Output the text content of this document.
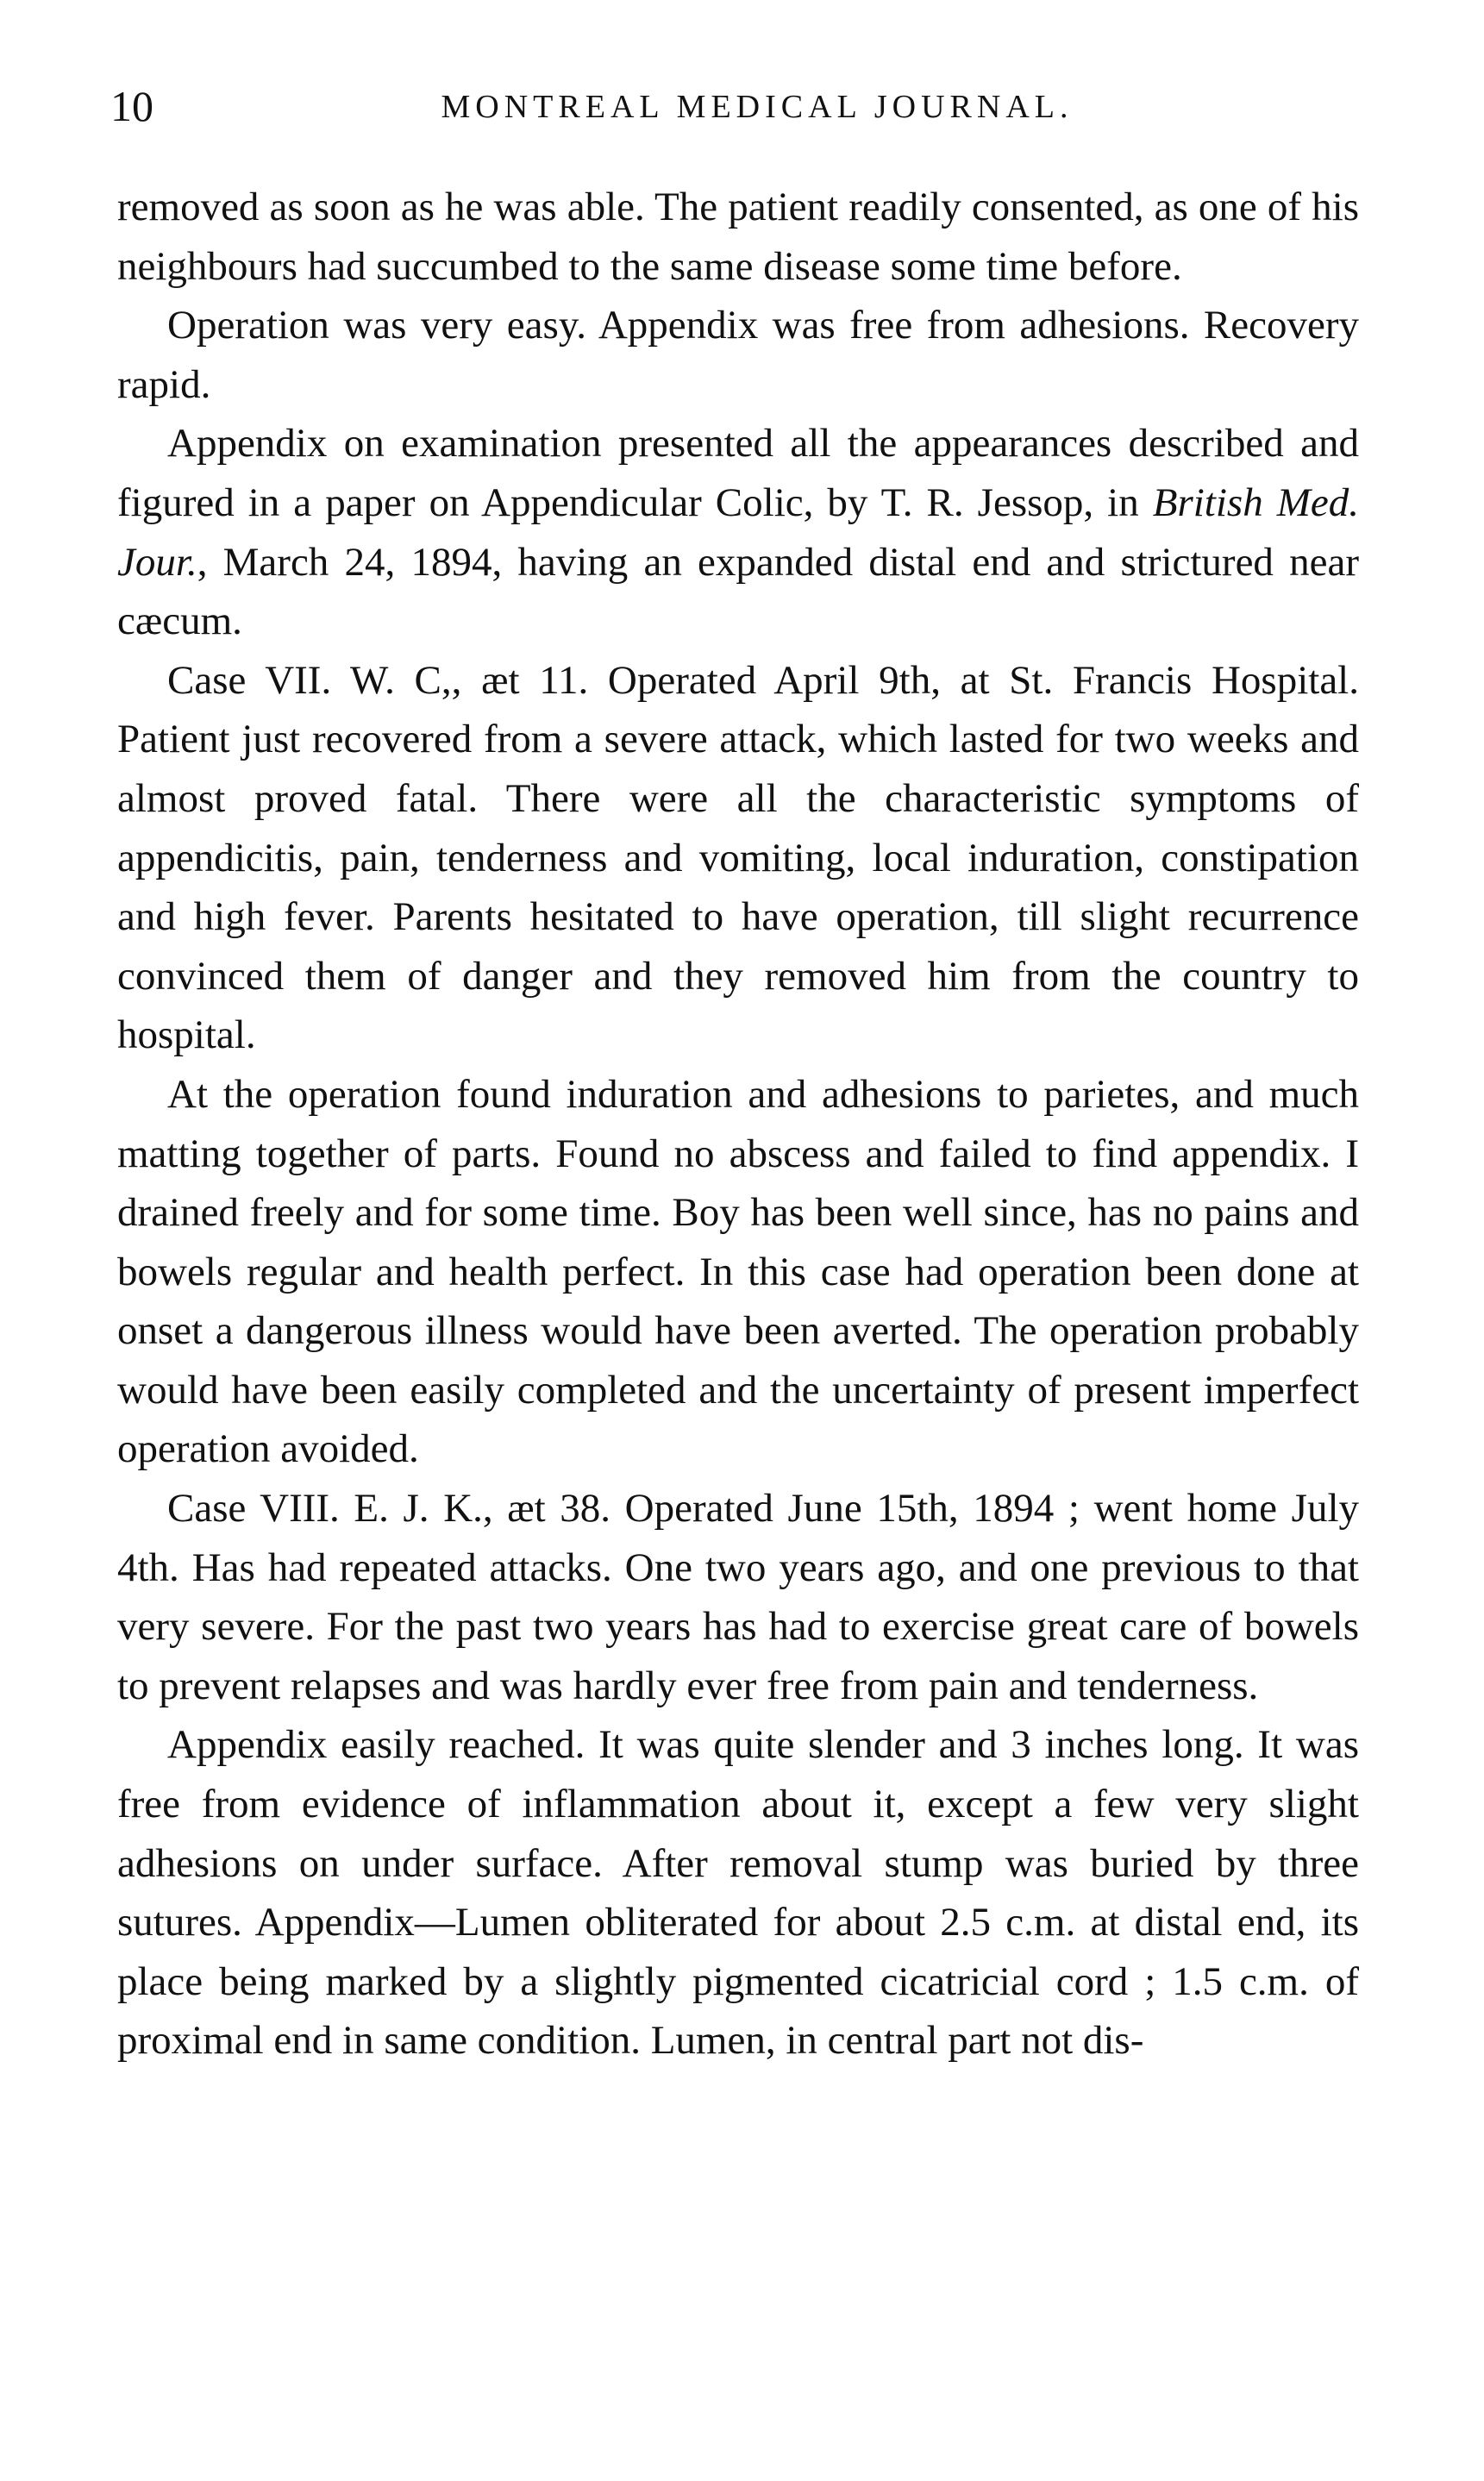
10	MONTREAL MEDICAL JOURNAL.

removed as soon as he was able. The patient readily consented, as one of his neighbours had succumbed to the same disease some time before.

Operation was very easy. Appendix was free from adhesions. Recovery rapid.

Appendix on examination presented all the appearances described and figured in a paper on Appendicular Colic, by T. R. Jessop, in British Med. Jour., March 24, 1894, having an expanded distal end and strictured near cæcum.

Case VII. W. C,, æt 11. Operated April 9th, at St. Francis Hospital. Patient just recovered from a severe attack, which lasted for two weeks and almost proved fatal. There were all the characteristic symptoms of appendicitis, pain, tenderness and vomiting, local induration, constipation and high fever. Parents hesitated to have operation, till slight recurrence convinced them of danger and they removed him from the country to hospital.

At the operation found induration and adhesions to parietes, and much matting together of parts. Found no abscess and failed to find appendix. I drained freely and for some time. Boy has been well since, has no pains and bowels regular and health perfect. In this case had operation been done at onset a dangerous illness would have been averted. The operation probably would have been easily completed and the uncertainty of present imperfect operation avoided.

Case VIII. E. J. K., æt 38. Operated June 15th, 1894 ; went home July 4th. Has had repeated attacks. One two years ago, and one previous to that very severe. For the past two years has had to exercise great care of bowels to prevent relapses and was hardly ever free from pain and tenderness.

Appendix easily reached. It was quite slender and 3 inches long. It was free from evidence of inflammation about it, except a few very slight adhesions on under surface. After removal stump was buried by three sutures. Appendix—Lumen obliterated for about 2.5 c.m. at distal end, its place being marked by a slightly pigmented cicatricial cord ; 1.5 c.m. of proximal end in same condition. Lumen, in central part not dis-
